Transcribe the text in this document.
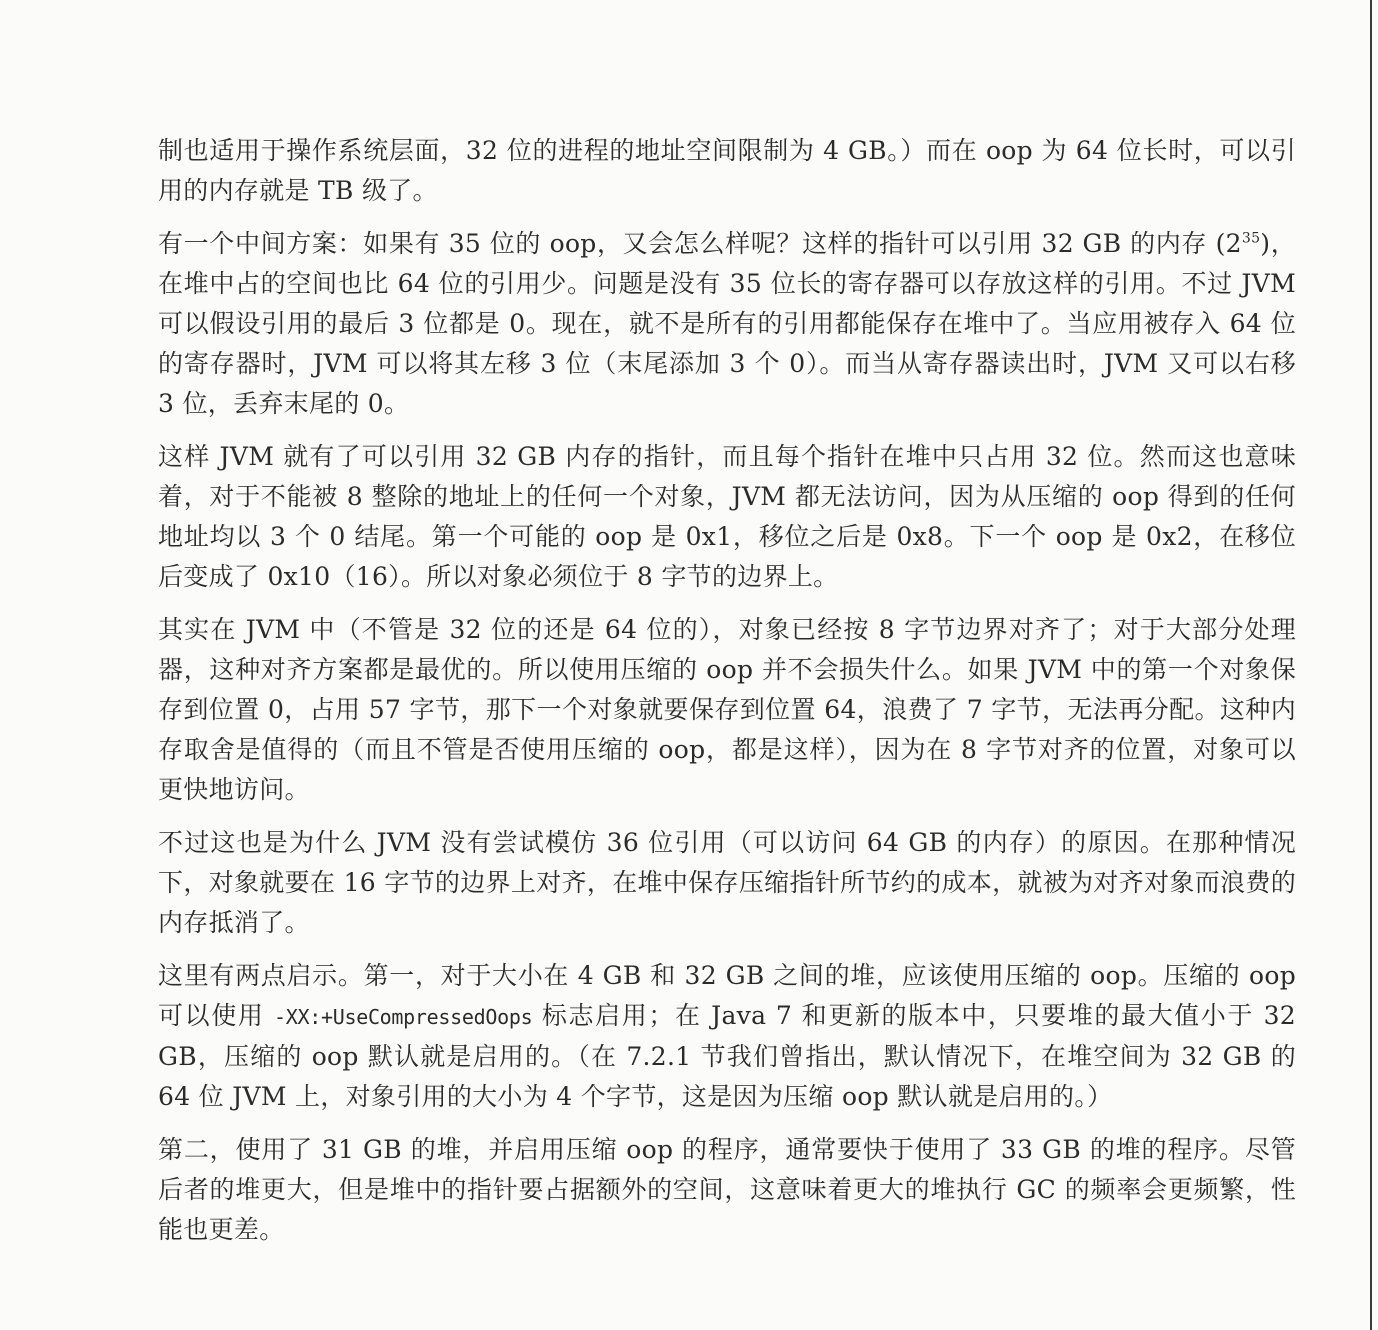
制也适用于操作系统层面，32 位的进程的地址空间限制为 4 GB。）而在 oop 为 64 位长时，可以引用的内存就是 TB 级了。

有一个中间方案：如果有 35 位的 oop，又会怎么样呢？这样的指针可以引用 32 GB 的内存 $(2^{35})$，在堆中占的空间也比 64 位的引用少。问题是没有 35 位长的寄存器可以存放这样的引用。不过 JVM 可以假设引用的最后 3 位都是 0。现在，就不是所有的引用都能保存在堆中了。当应用被存入 64 位的寄存器时，JVM 可以将其左移 3 位（末尾添加 3 个 0）。而当从寄存器读出时，JVM 又可以右移 3 位，丢弃末尾的 0。

这样 JVM 就有了可以引用 32 GB 内存的指针，而且每个指针在堆中只占用 32 位。然而这也意味着，对于不能被 8 整除的地址上的任何一个对象，JVM 都无法访问，因为从压缩的 oop 得到的任何地址均以 3 个 0 结尾。第一个可能的 oop 是 0x1，移位之后是 0x8。下一个 oop 是 0x2，在移位后变成了 0x10（16）。所以对象必须位于 8 字节的边界上。

其实在 JVM 中（不管是 32 位的还是 64 位的），对象已经按 8 字节边界对齐了；对于大部分处理器，这种对齐方案都是最优的。所以使用压缩的 oop 并不会损失什么。如果 JVM 中的第一个对象保存到位置 0，占用 57 字节，那下一个对象就要保存到位置 64，浪费了 7 字节，无法再分配。这种内存取舍是值得的（而且不管是否使用压缩的 oop，都是这样），因为在 8 字节对齐的位置，对象可以更快地访问。

不过这也是为什么 JVM 没有尝试模仿 36 位引用（可以访问 64 GB 的内存）的原因。在那种情况下，对象就要在 16 字节的边界上对齐，在堆中保存压缩指针所节约的成本，就被为对齐对象而浪费的内存抵消了。

这里有两点启示。第一，对于大小在 4 GB 和 32 GB 之间的堆，应该使用压缩的 oop。压缩的 oop 可以使用 -XX:+UseCompressedOops 标志启用；在 Java 7 和更新的版本中，只要堆的最大值小于 32 GB，压缩的 oop 默认就是启用的。（在 7.2.1 节我们曾指出，默认情况下，在堆空间为 32 GB 的 64 位 JVM 上，对象引用的大小为 4 个字节，这是因为压缩 oop 默认就是启用的。）

第二，使用了 31 GB 的堆，并启用压缩 oop 的程序，通常要快于使用了 33 GB 的堆的程序。尽管后者的堆更大，但是堆中的指针要占据额外的空间，这意味着更大的堆执行 GC 的频率会更频繁，性能也更差。
